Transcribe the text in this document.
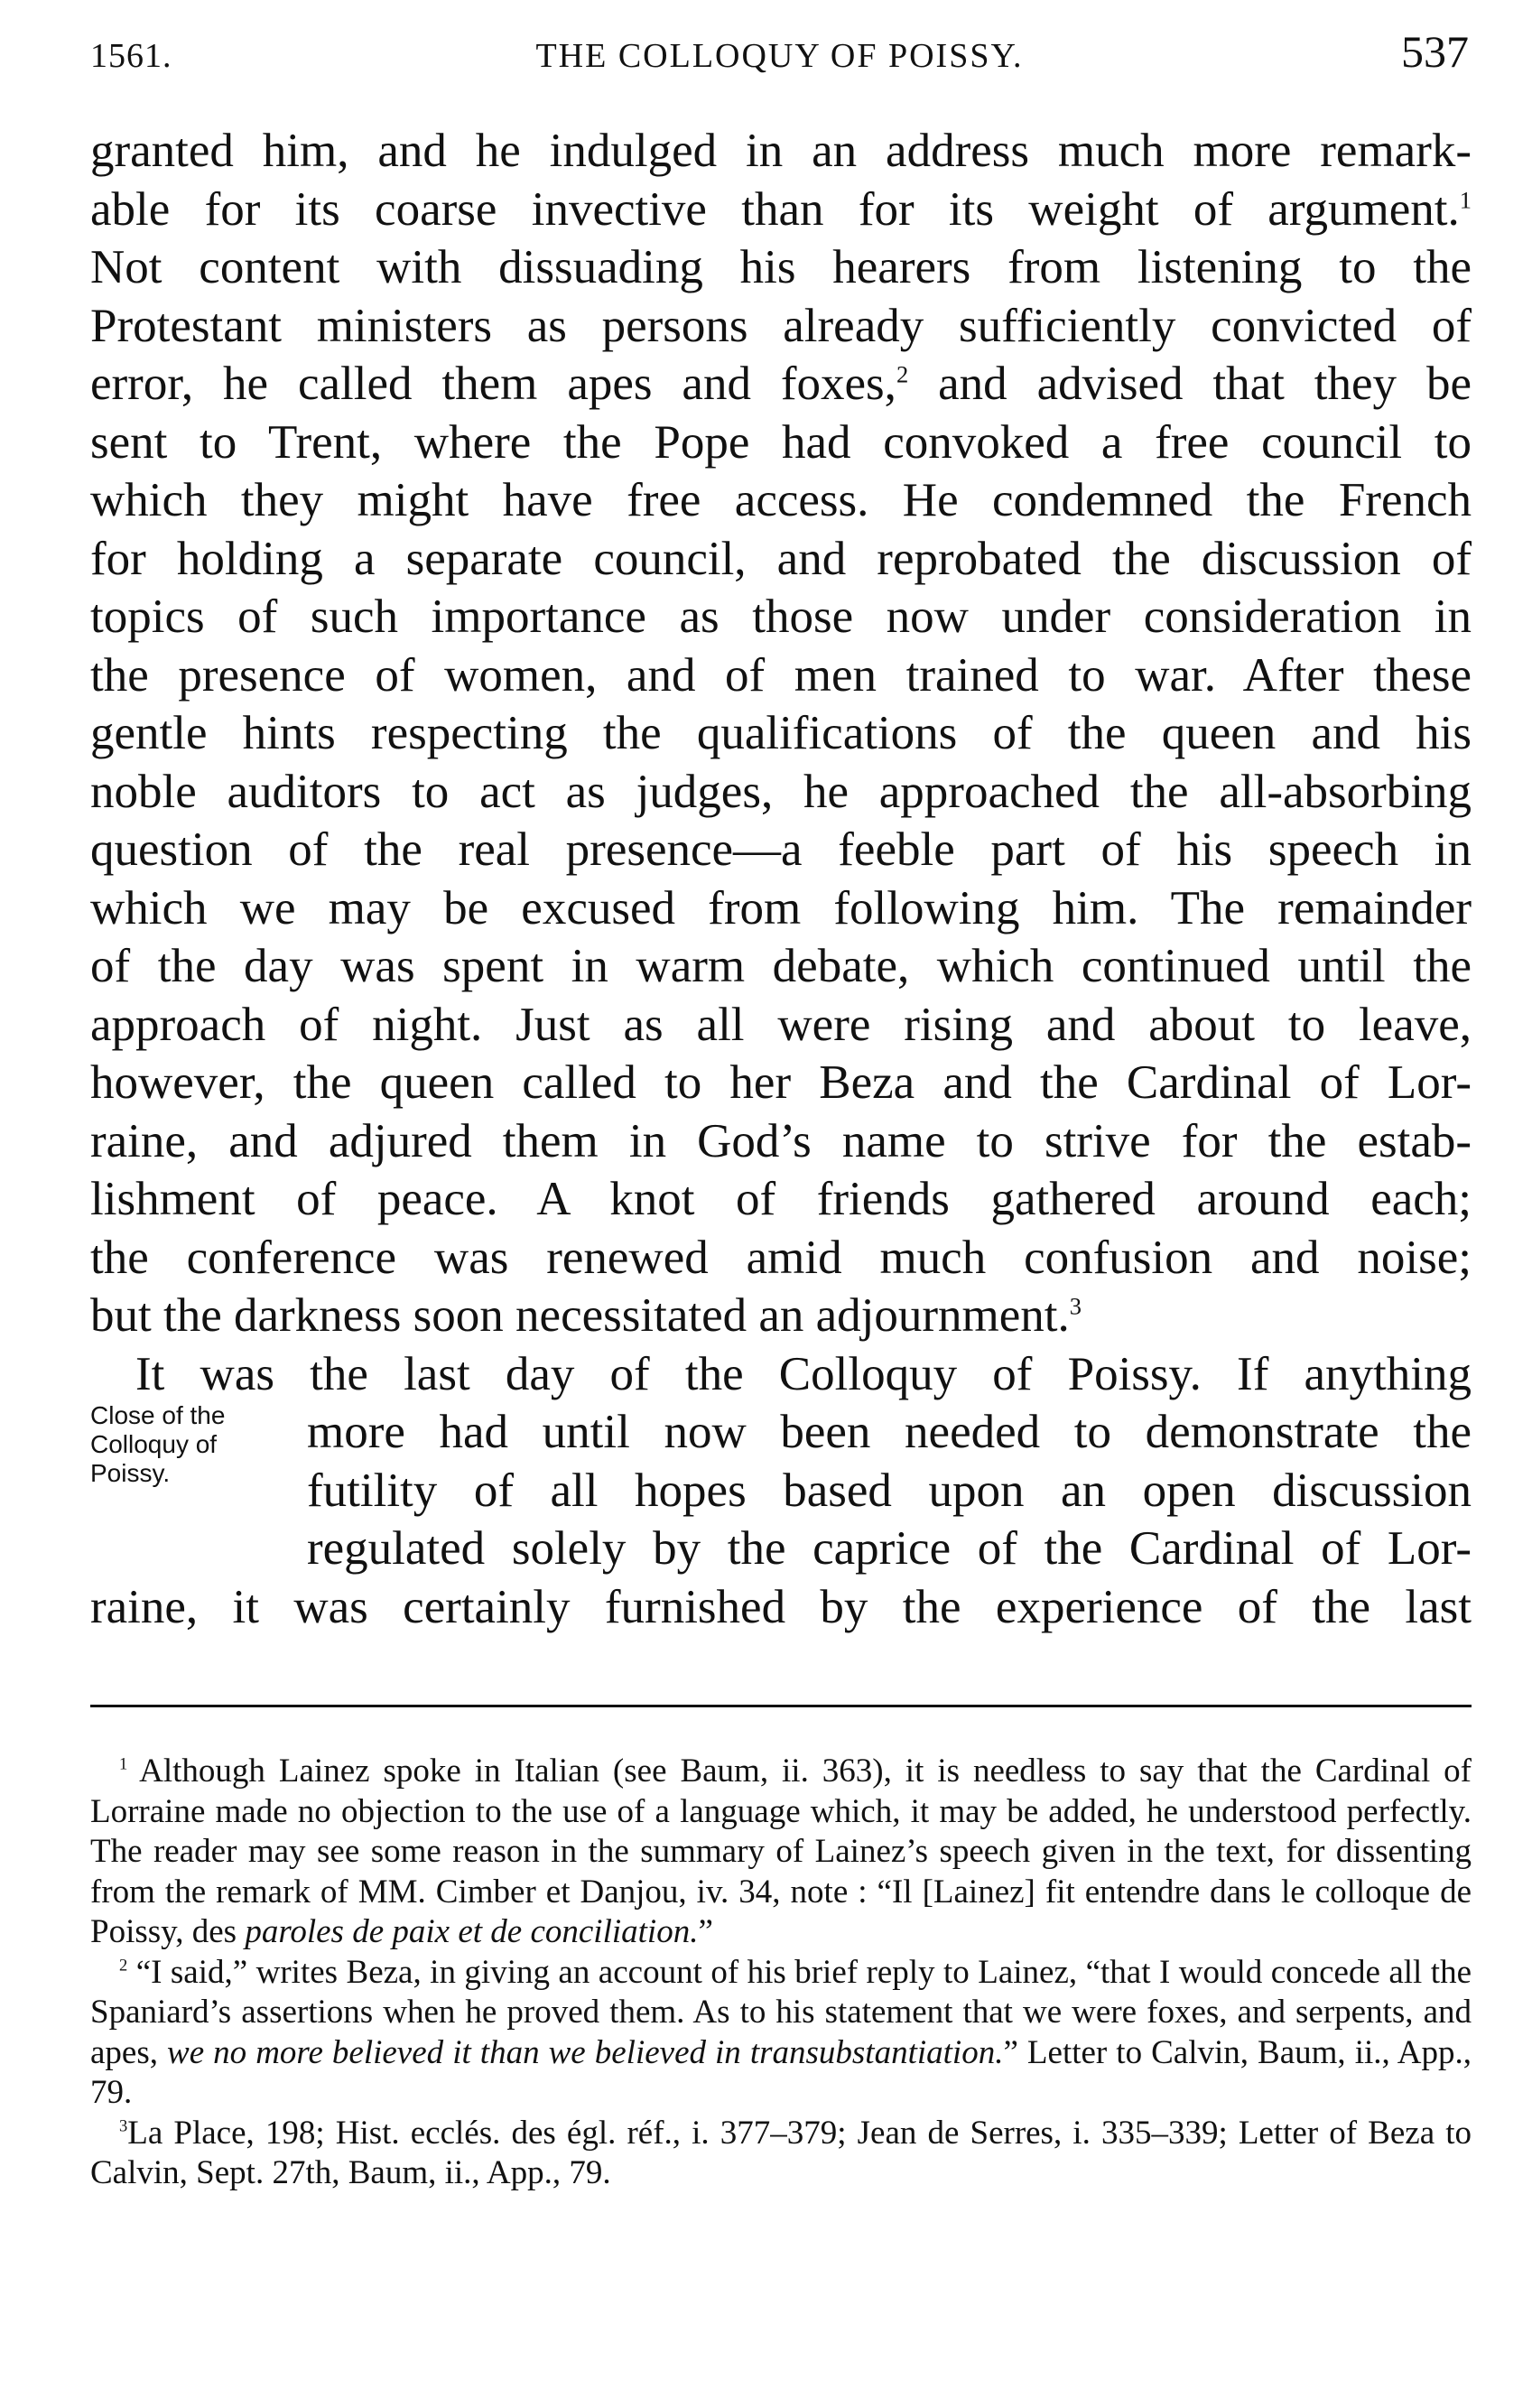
1561.	THE COLLOQUY OF POISSY.	537

granted him, and he indulged in an address much more remark-
able for its coarse invective than for its weight of argument.$^1$
Not content with dissuading his hearers from listening to the
Protestant ministers as persons already sufficiently convicted of
error, he called them apes and foxes,$^2$ and advised that they be
sent to Trent, where the Pope had convoked a free council to
which they might have free access. He condemned the French
for holding a separate council, and reprobated the discussion of
topics of such importance as those now under consideration in
the presence of women, and of men trained to war. After these
gentle hints respecting the qualifications of the queen and his
noble auditors to act as judges, he approached the all-absorbing
question of the real presence—a feeble part of his speech in
which we may be excused from following him. The remainder
of the day was spent in warm debate, which continued until the
approach of night. Just as all were rising and about to leave,
however, the queen called to her Beza and the Cardinal of Lor-
raine, and adjured them in God’s name to strive for the estab-
lishment of peace. A knot of friends gathered around each;
the conference was renewed amid much confusion and noise;
but the darkness soon necessitated an adjournment.$^3$

It was the last day of the Colloquy of Poissy. If anything
more had until now been needed to demonstrate the
futility of all hopes based upon an open discussion
regulated solely by the caprice of the Cardinal of Lor-
raine, it was certainly furnished by the experience of the last
Close of the
Colloquy of
Poissy.

$^1$ Although Lainez spoke in Italian (see Baum, ii. 363), it is needless to say that the Cardinal of Lorraine made no objection to the use of a language which, it may be added, he understood perfectly. The reader may see some reason in the summary of Lainez’s speech given in the text, for dissenting from the remark of MM. Cimber et Danjou, iv. 34, note : “Il [Lainez] fit entendre dans le colloque de Poissy, des paroles de paix et de conciliation.”

$^2$ “I said,” writes Beza, in giving an account of his brief reply to Lainez, “that I would concede all the Spaniard’s assertions when he proved them. As to his statement that we were foxes, and serpents, and apes, we no more believed it than we believed in transubstantiation.” Letter to Calvin, Baum, ii., App., 79.

$^3$La Place, 198; Hist. ecclés. des égl. réf., i. 377–379; Jean de Serres, i. 335–339; Letter of Beza to Calvin, Sept. 27th, Baum, ii., App., 79.
